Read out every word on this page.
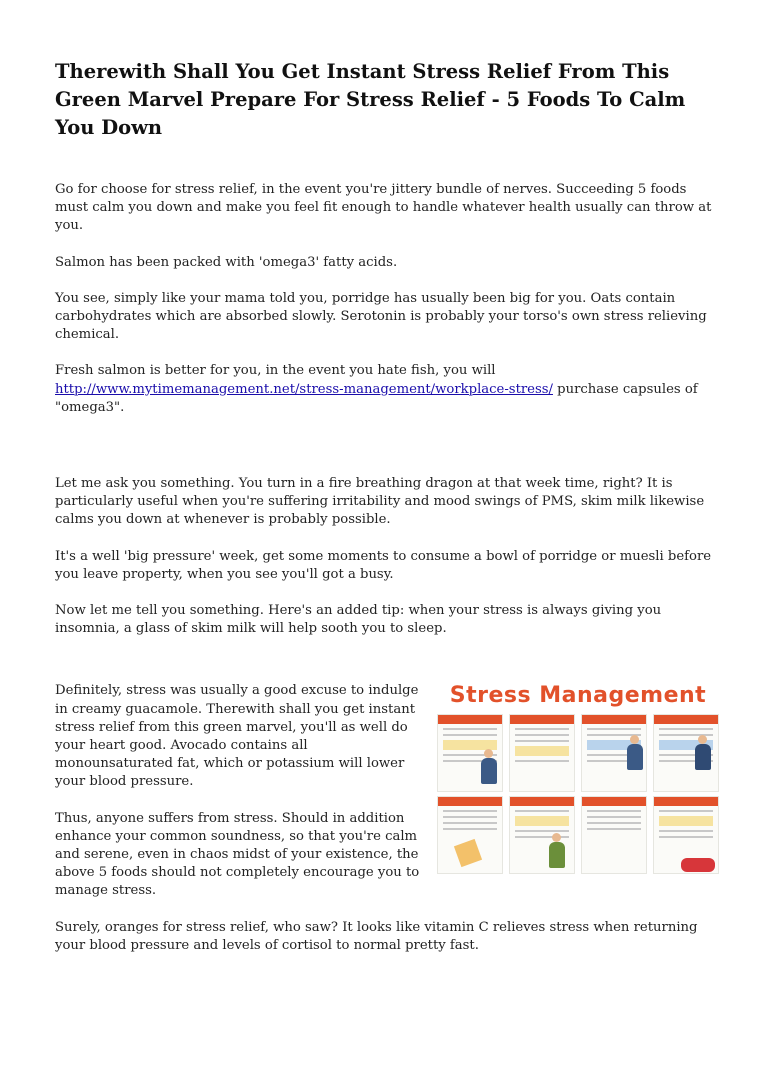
Therewith Shall You Get Instant Stress Relief From This Green Marvel Prepare For Stress Relief - 5 Foods To Calm You Down

Go for choose for stress relief, in the event you're jittery bundle of nerves. Succeeding 5 foods must calm you down and make you feel fit enough to handle whatever health usually can throw at you.

Salmon has been packed with 'omega3' fatty acids.

You see, simply like your mama told you, porridge has usually been big for you. Oats contain carbohydrates which are absorbed slowly. Serotonin is probably your torso's own stress relieving chemical.

Fresh salmon is better for you, in the event you hate fish, you will
http://www.mytimemanagement.net/stress-management/workplace-stress/ purchase capsules of "omega3".

Let me ask you something. You turn in a fire breathing dragon at that week time, right? It is particularly useful when you're suffering irritability and mood swings of PMS, skim milk likewise calms you down at whenever is probably possible.

It's a well 'big pressure' week, get some moments to consume a bowl of porridge or muesli before you leave property, when you see you'll got a busy.

Now let me tell you something. Here's an added tip: when your stress is always giving you insomnia, a glass of skim milk will help sooth you to sleep.

Stress Management

Definitely, stress was usually a good excuse to indulge in creamy guacamole. Therewith shall you get instant stress relief from this green marvel, you'll as well do your heart good. Avocado contains all monounsaturated fat, which or potassium will lower your blood pressure.

Thus, anyone suffers from stress. Should in addition enhance your common soundness, so that you're calm and serene, even in chaos midst of your existence, the above 5 foods should not completely encourage you to manage stress.

Surely, oranges for stress relief, who saw? It looks like vitamin C relieves stress when returning your blood pressure and levels of cortisol to normal pretty fast.
